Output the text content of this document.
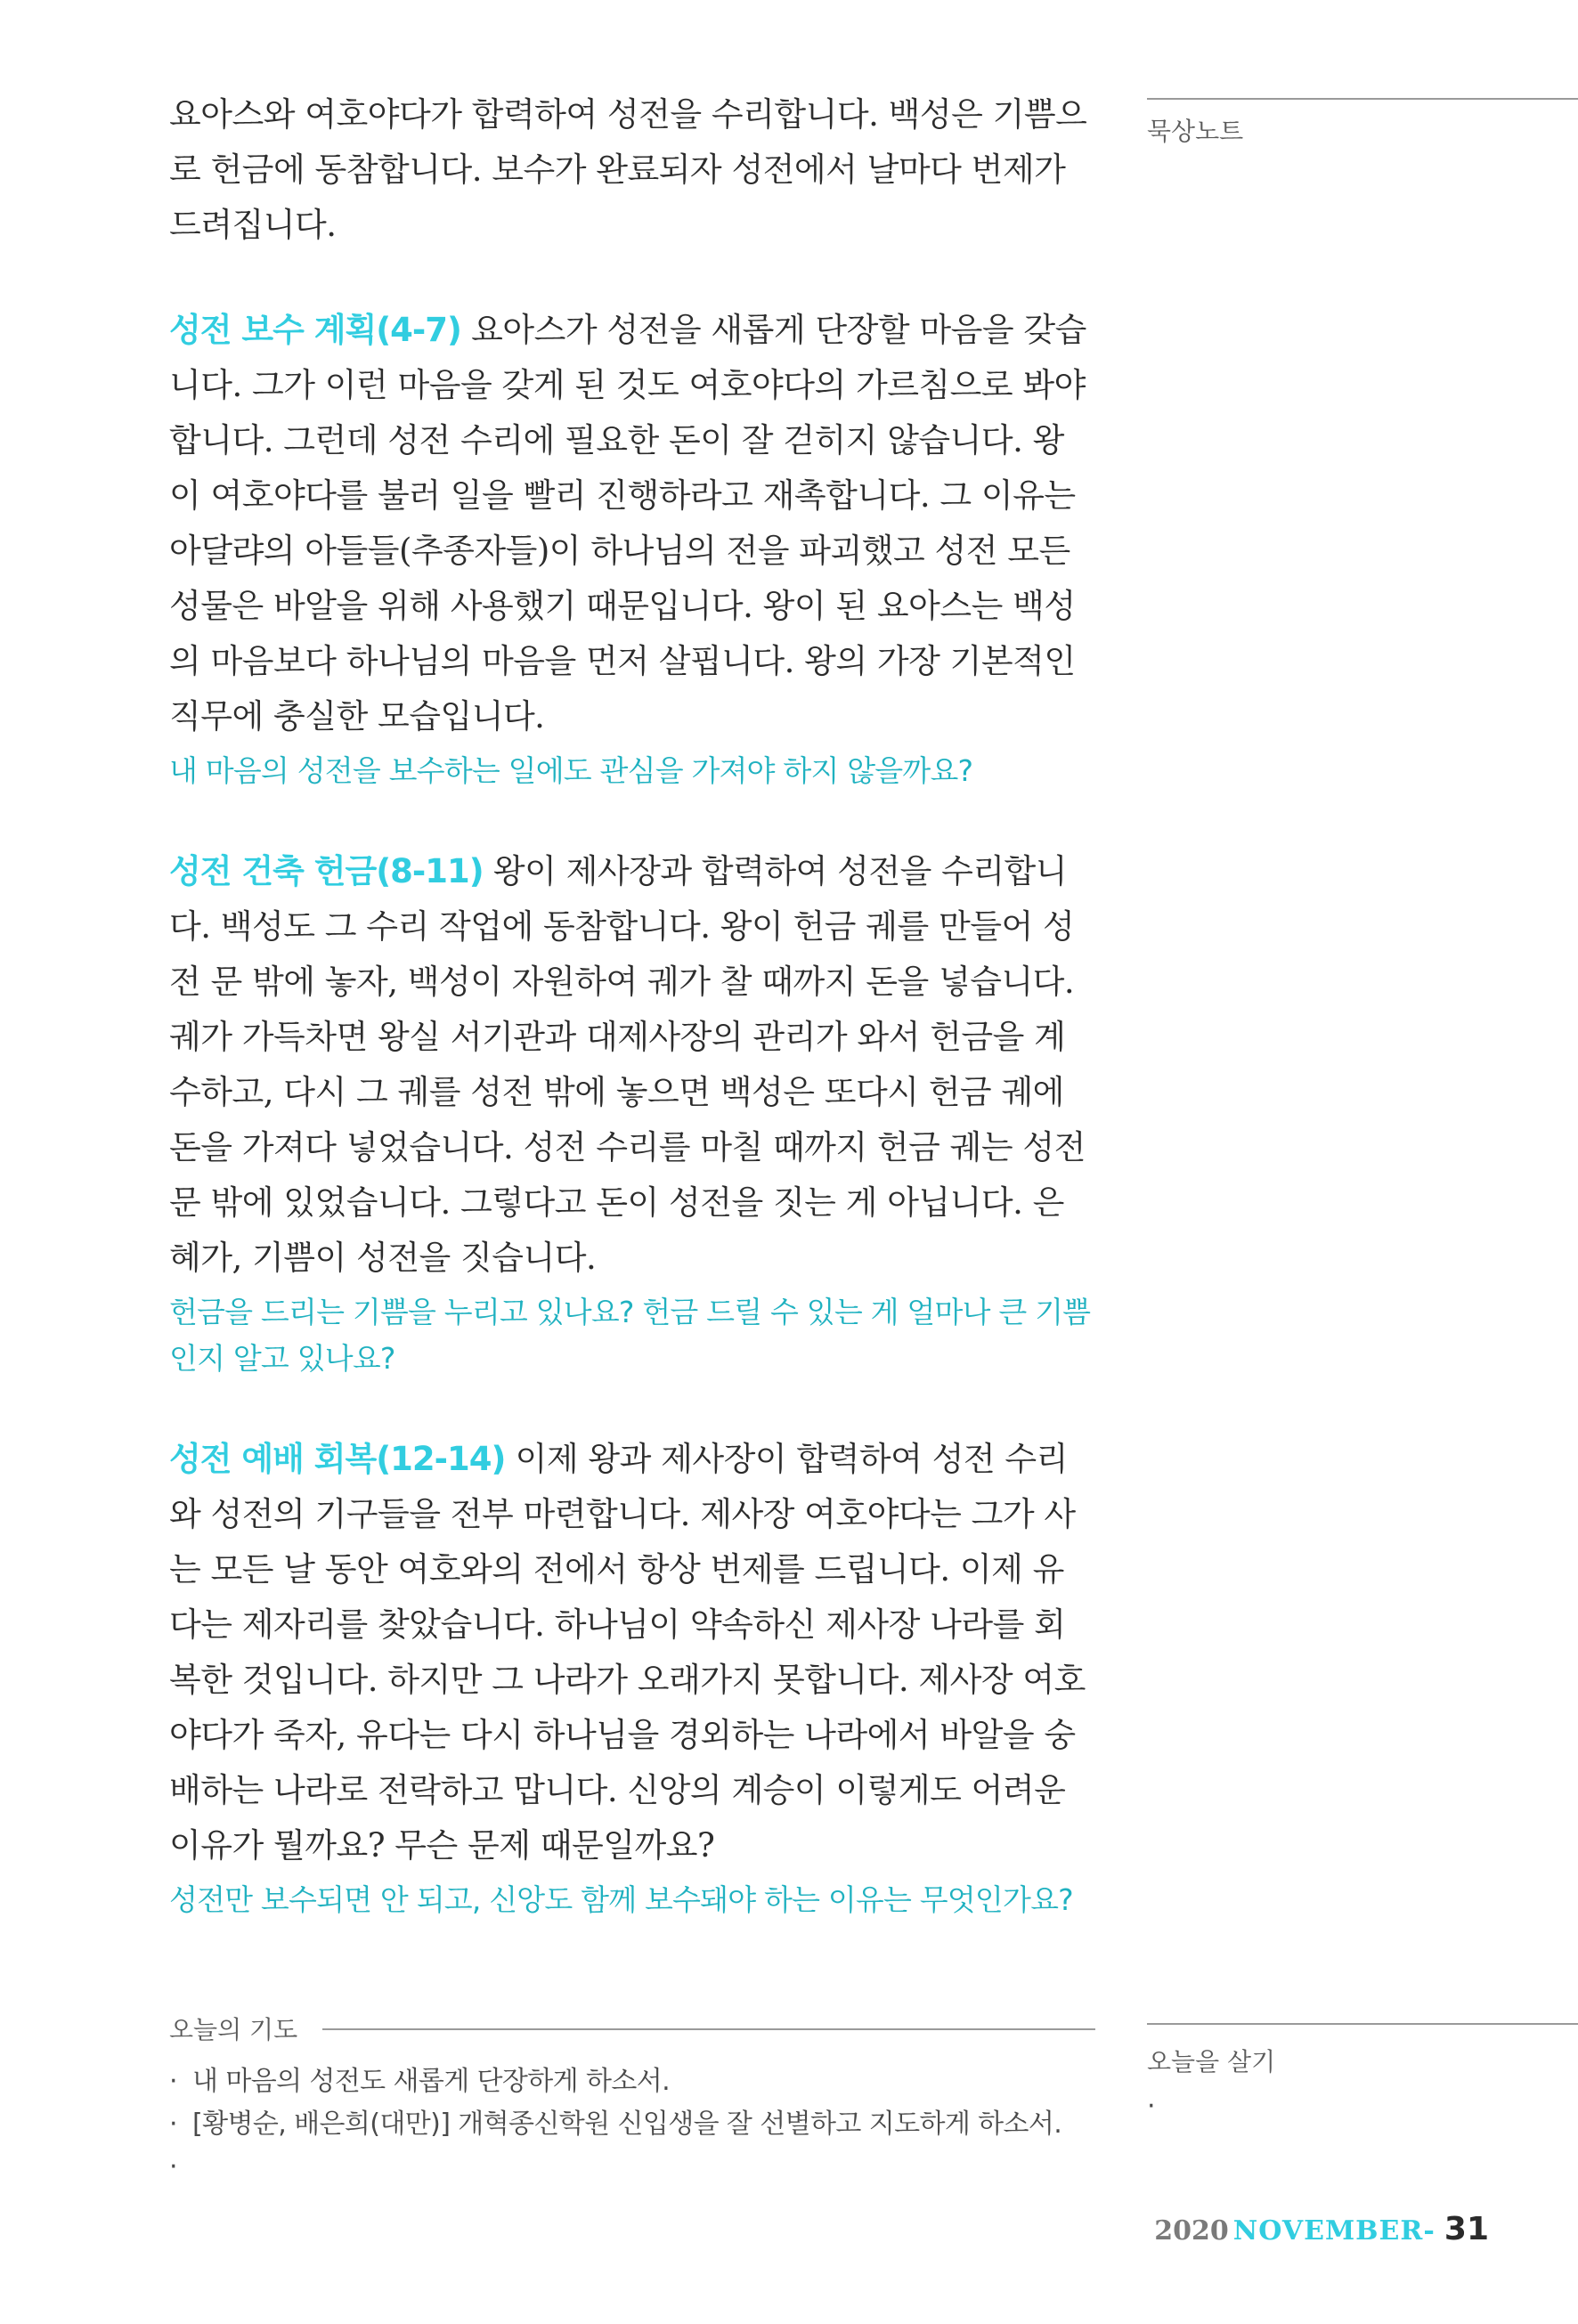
요아스와 여호야다가 합력하여 성전을 수리합니다. 백성은 기쁨으로 헌금에 동참합니다. 보수가 완료되자 성전에서 날마다 번제가 드려집니다.

성전 보수 계획(4-7) 요아스가 성전을 새롭게 단장할 마음을 갖습니다. 그가 이런 마음을 갖게 된 것도 여호야다의 가르침으로 봐야 합니다. 그런데 성전 수리에 필요한 돈이 잘 걷히지 않습니다. 왕이 여호야다를 불러 일을 빨리 진행하라고 재촉합니다. 그 이유는 아달랴의 아들들(추종자들)이 하나님의 전을 파괴했고 성전 모든 성물은 바알을 위해 사용했기 때문입니다. 왕이 된 요아스는 백성의 마음보다 하나님의 마음을 먼저 살핍니다. 왕의 가장 기본적인 직무에 충실한 모습입니다.

내 마음의 성전을 보수하는 일에도 관심을 가져야 하지 않을까요?

성전 건축 헌금(8-11) 왕이 제사장과 합력하여 성전을 수리합니다. 백성도 그 수리 작업에 동참합니다. 왕이 헌금 궤를 만들어 성전 문 밖에 놓자, 백성이 자원하여 궤가 찰 때까지 돈을 넣습니다. 궤가 가득차면 왕실 서기관과 대제사장의 관리가 와서 헌금을 계수하고, 다시 그 궤를 성전 밖에 놓으면 백성은 또다시 헌금 궤에 돈을 가져다 넣었습니다. 성전 수리를 마칠 때까지 헌금 궤는 성전 문 밖에 있었습니다. 그렇다고 돈이 성전을 짓는 게 아닙니다. 은혜가, 기쁨이 성전을 짓습니다.

헌금을 드리는 기쁨을 누리고 있나요? 헌금 드릴 수 있는 게 얼마나 큰 기쁨인지 알고 있나요?

성전 예배 회복(12-14) 이제 왕과 제사장이 합력하여 성전 수리와 성전의 기구들을 전부 마련합니다. 제사장 여호야다는 그가 사는 모든 날 동안 여호와의 전에서 항상 번제를 드립니다. 이제 유다는 제자리를 찾았습니다. 하나님이 약속하신 제사장 나라를 회복한 것입니다. 하지만 그 나라가 오래가지 못합니다. 제사장 여호야다가 죽자, 유다는 다시 하나님을 경외하는 나라에서 바알을 숭배하는 나라로 전락하고 맙니다. 신앙의 계승이 이렇게도 어려운 이유가 뭘까요? 무슨 문제 때문일까요?

성전만 보수되면 안 되고, 신앙도 함께 보수돼야 하는 이유는 무엇인가요?

묵상노트
오늘의 기도
· 내 마음의 성전도 새롭게 단장하게 하소서.
· [황병순, 배은희(대만)] 개혁종신학원 신입생을 잘 선별하고 지도하게 하소서.
·
오늘을 살기
·
2020 NOVEMBER- 31
